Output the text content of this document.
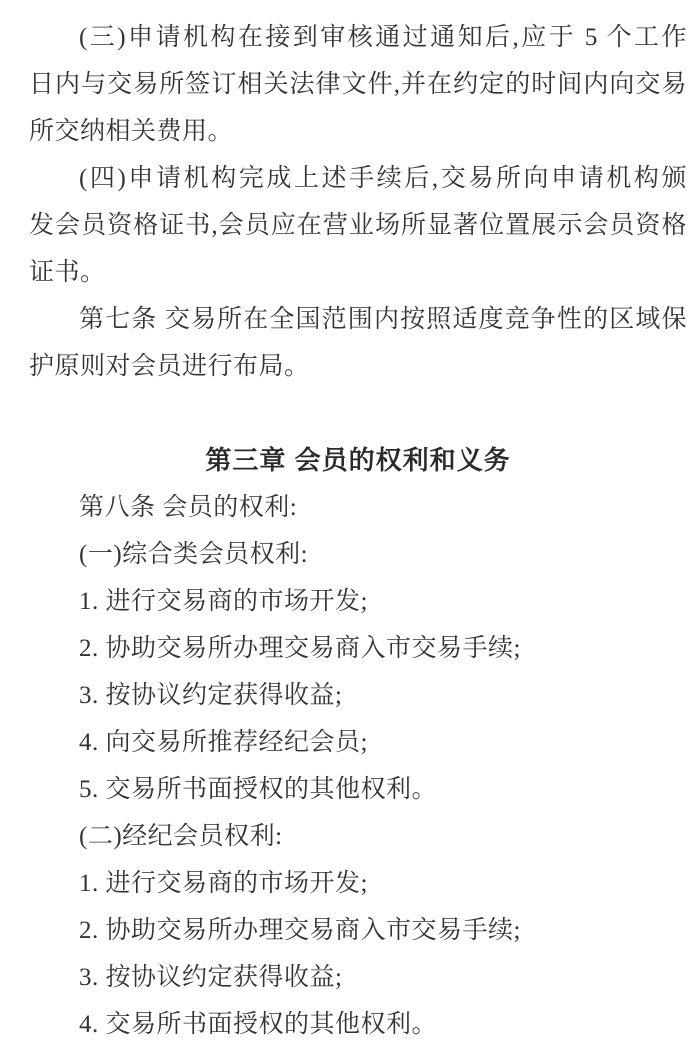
(三)申请机构在接到审核通过通知后,应于 5 个工作
日内与交易所签订相关法律文件,并在约定的时间内向交易
所交纳相关费用。
(四)申请机构完成上述手续后,交易所向申请机构颁
发会员资格证书,会员应在营业场所显著位置展示会员资格
证书。
第七条 交易所在全国范围内按照适度竞争性的区域保
护原则对会员进行布局。
第三章 会员的权利和义务
第八条 会员的权利:
(一)综合类会员权利:
1. 进行交易商的市场开发;
2. 协助交易所办理交易商入市交易手续;
3. 按协议约定获得收益;
4. 向交易所推荐经纪会员;
5. 交易所书面授权的其他权利。
(二)经纪会员权利:
1. 进行交易商的市场开发;
2. 协助交易所办理交易商入市交易手续;
3. 按协议约定获得收益;
4. 交易所书面授权的其他权利。
